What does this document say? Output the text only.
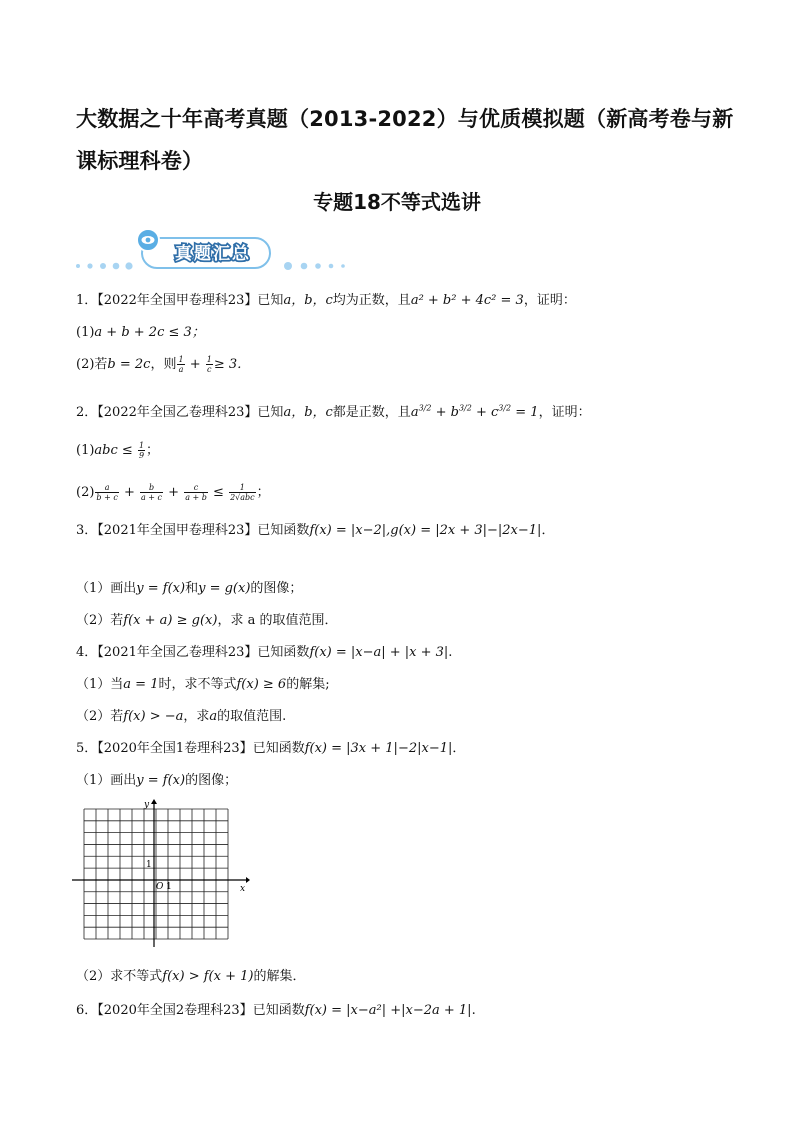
大数据之十年高考真题（2013-2022）与优质模拟题（新高考卷与新课标理科卷）
专题18不等式选讲
真题汇总
1．【2022年全国甲卷理科23】已知a，b，c均为正数，且a² + b² + 4c² = 3，证明：
(1)a + b + 2c ≤ 3；
(2)若b = 2c，则 $\frac{1}{a} + \frac{1}{c} \ge 3$．
2．【2022年全国乙卷理科23】已知a，b，c都是正数，且$a^{3/2} + b^{3/2} + c^{3/2} = 1$，证明：
$(1)abc \le \frac{1}{9}$ ；
$(2) \frac{a}{b + c} + \frac{b}{a + c} + \frac{c}{a + b} \le \frac{1}{\text{2√abc}}$ ；
3．【2021年全国甲卷理科23】已知函数f(x) = |x−2|,g(x) = |2x + 3|−|2x−1|．
（1）画出y = f(x)和y = g(x)的图像；
（2）若f(x + a) ≥ g(x)，求 a 的取值范围．
4．【2021年全国乙卷理科23】已知函数f(x) = |x−a| + |x + 3|.
（1）当a = 1时，求不等式f(x) ≥ 6的解集;
（2）若f(x) > −a，求a的取值范围.
5．【2020年全国1卷理科23】已知函数f(x) = |3x + 1|−2|x−1|．
（1）画出y = f(x)的图像；
y
x
O 1
1
（2）求不等式f(x) > f(x + 1)的解集．
6．【2020年全国2卷理科23】已知函数f(x) = |x−a²| +|x−2a + 1|.
